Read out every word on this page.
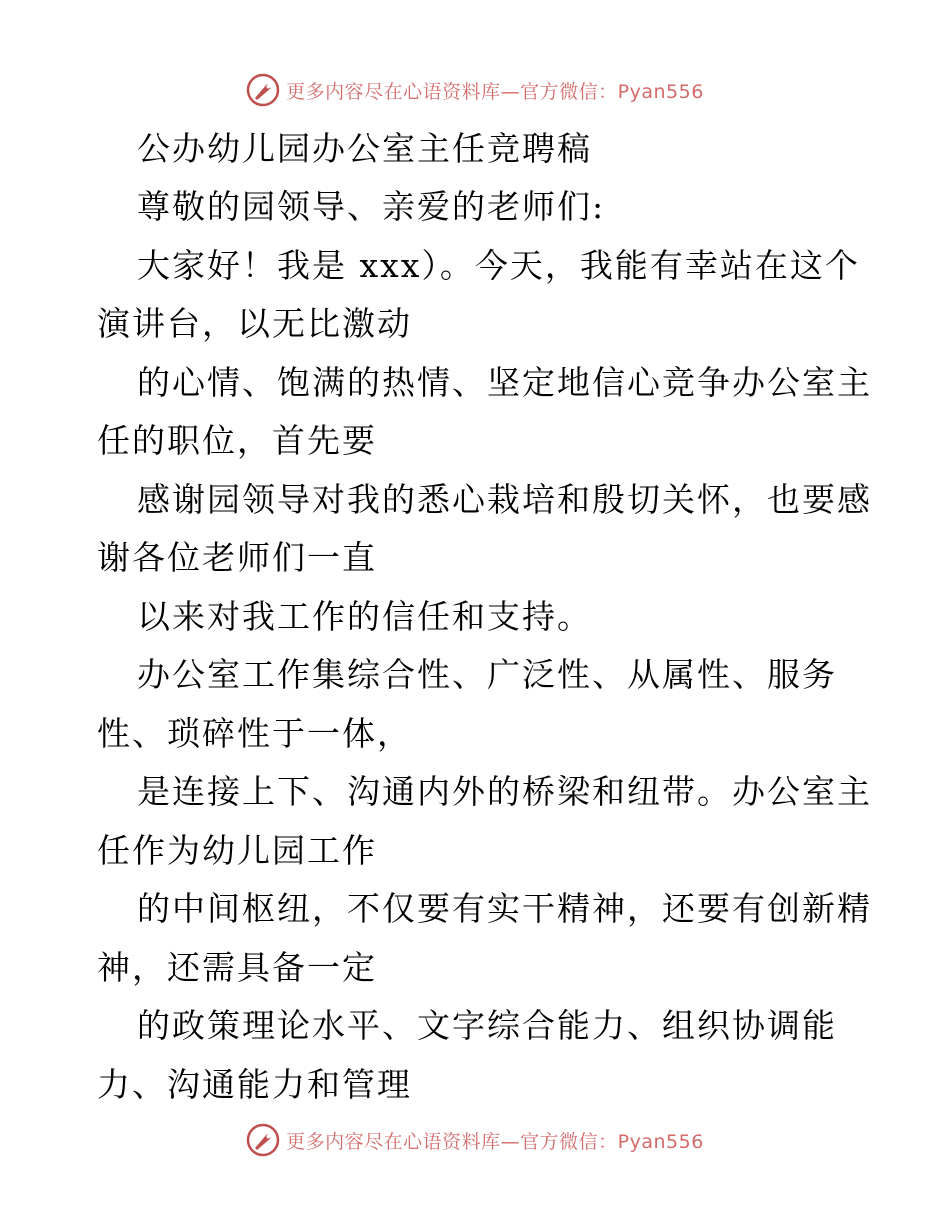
更多内容尽在心语资料库—官方微信：Pyan556
公办幼儿园办公室主任竞聘稿
尊敬的园领导、亲爱的老师们:
大家好！我是 xxx）。今天，我能有幸站在这个
演讲台，以无比激动
的心情、饱满的热情、坚定地信心竞争办公室主
任的职位，首先要
感谢园领导对我的悉心栽培和殷切关怀，也要感
谢各位老师们一直
以来对我工作的信任和支持。
办公室工作集综合性、广泛性、从属性、服务
性、琐碎性于一体，
是连接上下、沟通内外的桥梁和纽带。办公室主
任作为幼儿园工作
的中间枢纽，不仅要有实干精神，还要有创新精
神，还需具备一定
的政策理论水平、文字综合能力、组织协调能
力、沟通能力和管理
更多内容尽在心语资料库—官方微信：Pyan556
